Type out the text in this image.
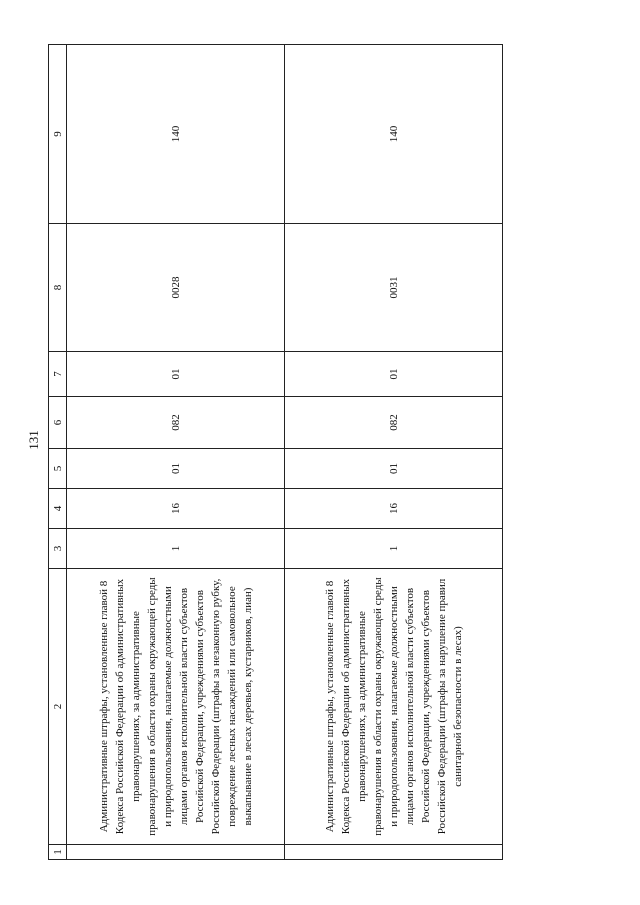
131
1	2	3	4	5	6	7	8	9
	Административные штрафы, установленные главой 8 Кодекса Российской Федерации об административных правонарушениях, за административные правонарушения в области охраны окружающей среды и природопользования, налагаемые должностными лицами органов исполнительной власти субъектов Российской Федерации, учреждениями субъектов Российской Федерации (штрафы за незаконную рубку, повреждение лесных насаждений или самовольное выкапывание в лесах деревьев, кустарников, лиан)	1	16	01	082	01	0028	140
	Административные штрафы, установленные главой 8 Кодекса Российской Федерации об административных правонарушениях, за административные правонарушения в области охраны окружающей среды и природопользования, налагаемые должностными лицами органов исполнительной власти субъектов Российской Федерации, учреждениями субъектов Российской Федерации (штрафы за нарушение правил санитарной безопасности в лесах)	1	16	01	082	01	0031	140
